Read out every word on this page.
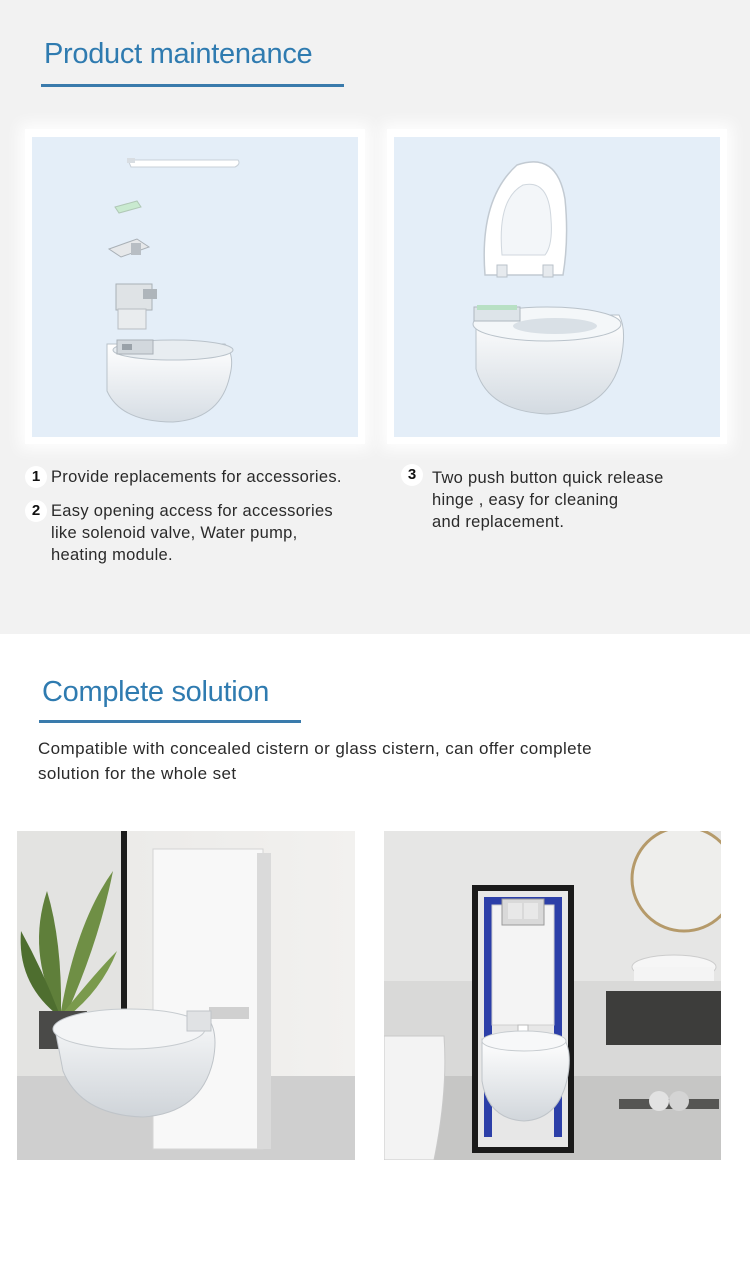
Product maintenance
1 Provide replacements for accessories.
2 Easy opening access for accessories
like solenoid valve, Water pump,
heating module.
3 Two push button quick release
hinge , easy for cleaning
and replacement.
Complete solution
Compatible with concealed cistern or glass cistern, can offer complete
solution for the whole set
